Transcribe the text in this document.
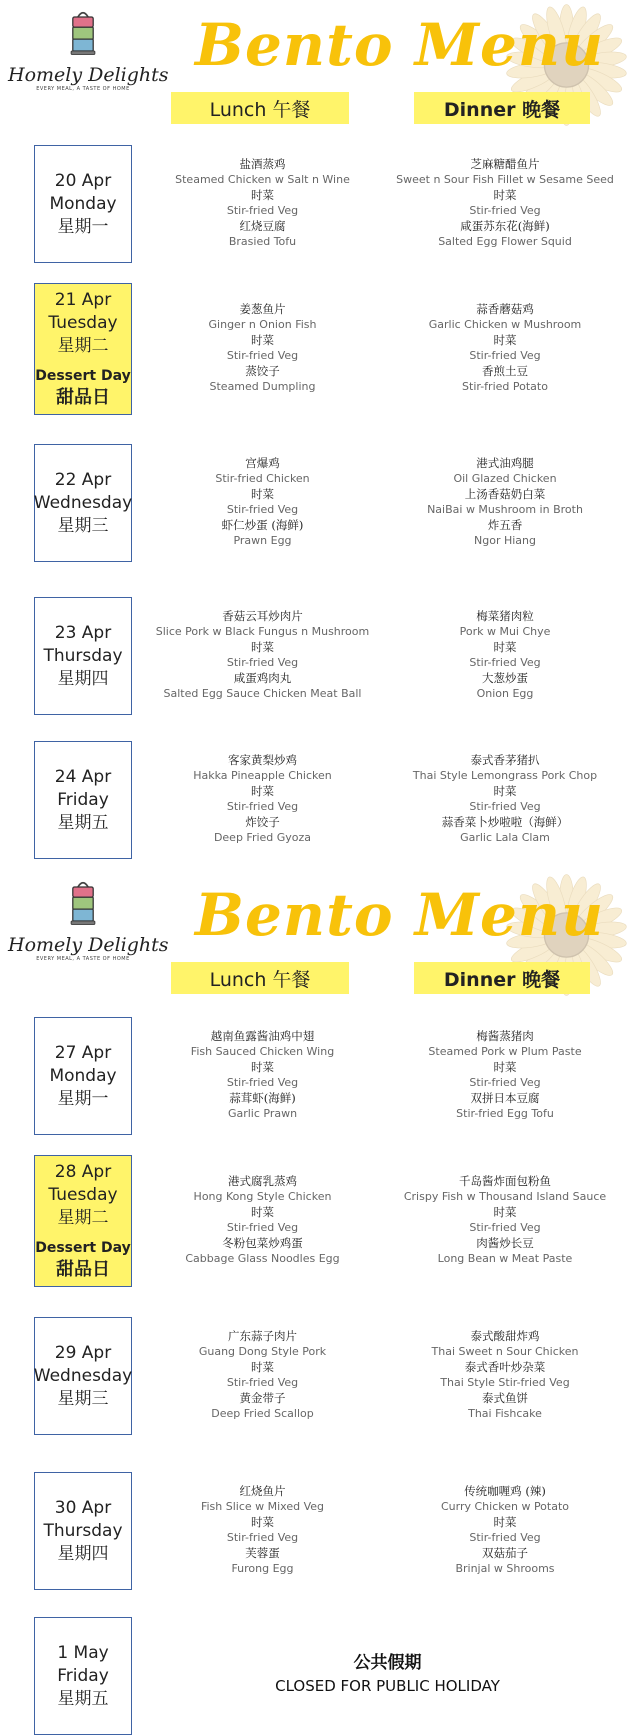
Homely Delights
EVERY MEAL, A TASTE OF HOME
Bento Menu
Lunch 午餐	Dinner 晚餐
Homely Delights
EVERY MEAL, A TASTE OF HOME
Bento Menu
Lunch 午餐	Dinner 晚餐
20 Apr
Monday
星期一
盐酒蒸鸡
Steamed Chicken w Salt n Wine
时菜
Stir-fried Veg
红烧豆腐
Brasied Tofu
芝麻糖醋鱼片
Sweet n Sour Fish Fillet w Sesame Seed
时菜
Stir-fried Veg
咸蛋苏东花(海鲜)
Salted Egg Flower Squid
21 Apr
Tuesday
星期二
Dessert Day
甜品日
姜葱鱼片
Ginger n Onion Fish
时菜
Stir-fried Veg
蒸饺子
Steamed Dumpling
蒜香蘑菇鸡
Garlic Chicken w Mushroom
时菜
Stir-fried Veg
香煎土豆
Stir-fried Potato
22 Apr
Wednesday
星期三
宫爆鸡
Stir-fried Chicken
时菜
Stir-fried Veg
虾仁炒蛋 (海鲜)
Prawn Egg
港式油鸡腿
Oil Glazed Chicken
上汤香菇奶白菜
NaiBai w Mushroom in Broth
炸五香
Ngor Hiang
23 Apr
Thursday
星期四
香菇云耳炒肉片
Slice Pork w Black Fungus n Mushroom
时菜
Stir-fried Veg
咸蛋鸡肉丸
Salted Egg Sauce Chicken Meat Ball
梅菜猪肉粒
Pork w Mui Chye
时菜
Stir-fried Veg
大葱炒蛋
Onion Egg
24 Apr
Friday
星期五
客家黄梨炒鸡
Hakka Pineapple Chicken
时菜
Stir-fried Veg
炸饺子
Deep Fried Gyoza
泰式香茅猪扒
Thai Style Lemongrass Pork Chop
时菜
Stir-fried Veg
蒜香菜卜炒啦啦（海鲜）
Garlic Lala Clam
27 Apr
Monday
星期一
越南鱼露酱油鸡中翅
Fish Sauced Chicken Wing
时菜
Stir-fried Veg
蒜茸虾(海鲜)
Garlic Prawn
梅酱蒸猪肉
Steamed Pork w Plum Paste
时菜
Stir-fried Veg
双拼日本豆腐
Stir-fried Egg Tofu
28 Apr
Tuesday
星期二
Dessert Day
甜品日
港式腐乳蒸鸡
Hong Kong Style Chicken
时菜
Stir-fried Veg
冬粉包菜炒鸡蛋
Cabbage Glass Noodles Egg
千岛酱炸面包粉鱼
Crispy Fish w Thousand Island Sauce
时菜
Stir-fried Veg
肉酱炒长豆
Long Bean w Meat Paste
29 Apr
Wednesday
星期三
广东蒜子肉片
Guang Dong Style Pork
时菜
Stir-fried Veg
黄金带子
Deep Fried Scallop
泰式酸甜炸鸡
Thai Sweet n Sour Chicken
泰式香叶炒杂菜
Thai Style Stir-fried Veg
泰式鱼饼
Thai Fishcake
30 Apr
Thursday
星期四
红烧鱼片
Fish Slice w Mixed Veg
时菜
Stir-fried Veg
芙蓉蛋
Furong Egg
传统咖喱鸡 (辣)
Curry Chicken w Potato
时菜
Stir-fried Veg
双菇茄子
Brinjal w Shrooms
1 May
Friday
星期五
公共假期
CLOSED FOR PUBLIC HOLIDAY
